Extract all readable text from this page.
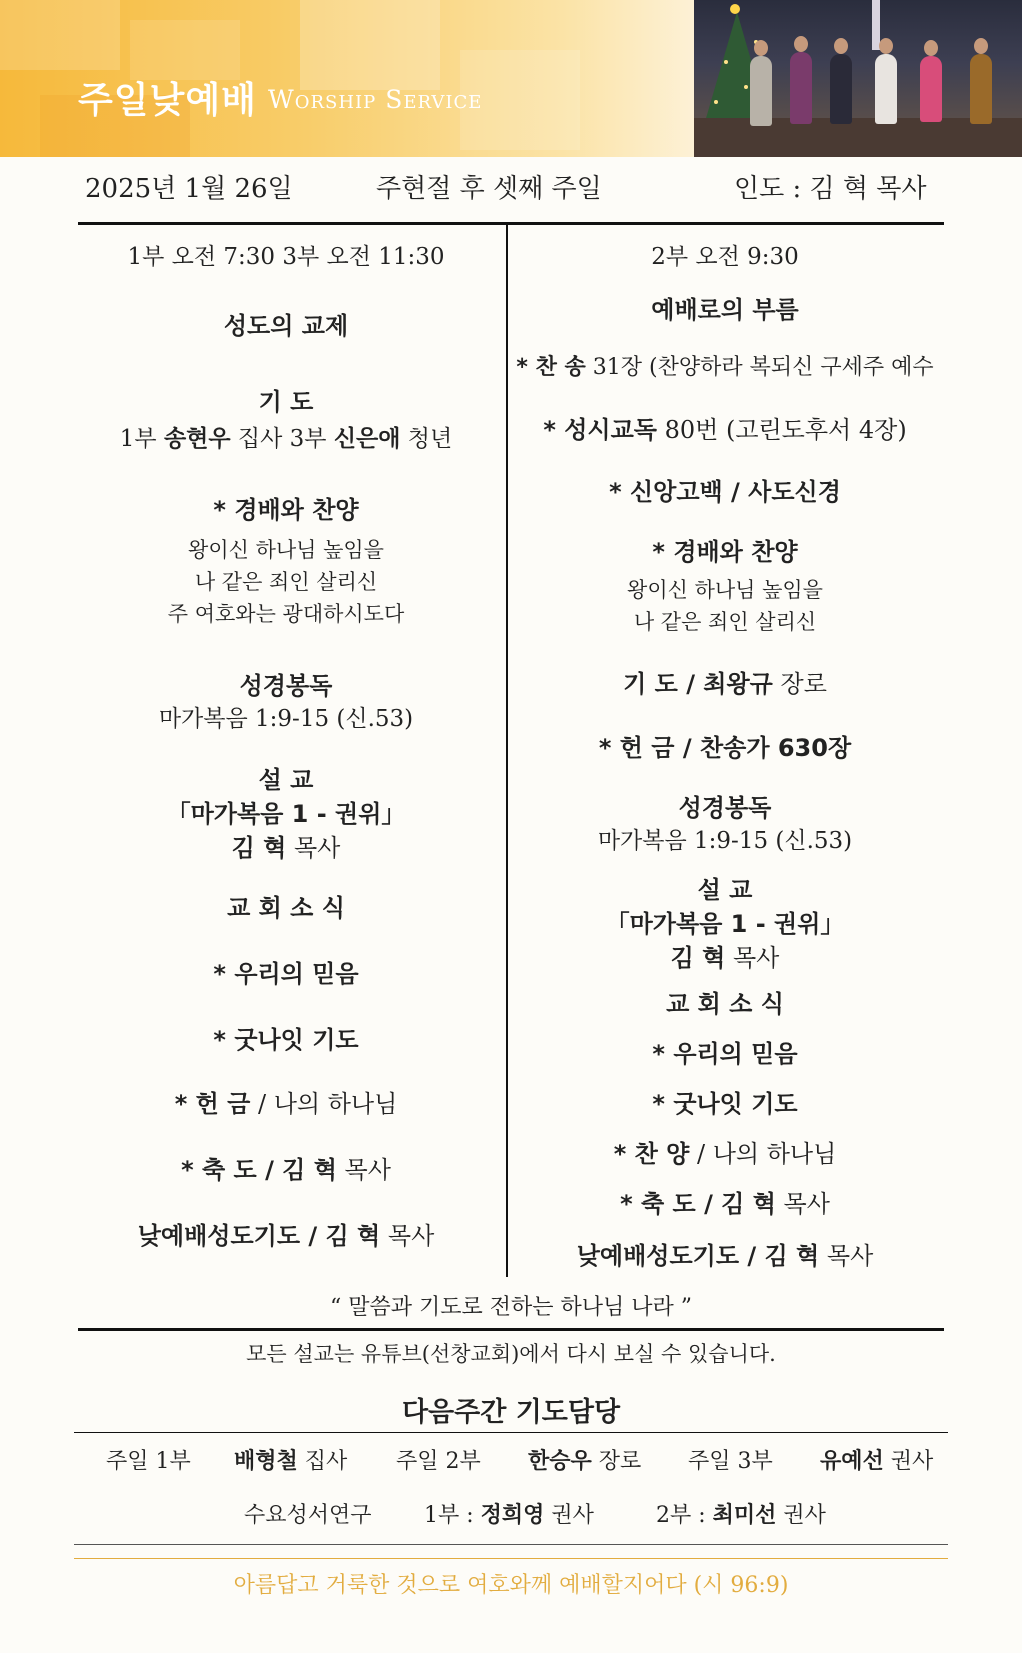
주일낮예배 Worship Service
2025년 1월 26일	주현절 후 셋째 주일	인도 : 김 혁 목사
1부 오전 7:30 3부 오전 11:30
성도의 교제
기 도
1부 송현우 집사 3부 신은애 청년
* 경배와 찬양
왕이신 하나님 높임을
나 같은 죄인 살리신
주 여호와는 광대하시도다
성경봉독
마가복음 1:9-15 (신.53)
설 교
「마가복음 1 - 권위」
김 혁 목사
교 회 소 식
* 우리의 믿음
* 굿나잇 기도
* 헌 금 / 나의 하나님
* 축 도 / 김 혁 목사
낮예배성도기도 / 김 혁 목사
2부 오전 9:30
예배로의 부름
* 찬 송 31장 (찬양하라 복되신 구세주 예수
* 성시교독 80번 (고린도후서 4장)
* 신앙고백 / 사도신경
* 경배와 찬양
왕이신 하나님 높임을
나 같은 죄인 살리신
기 도 / 최왕규 장로
* 헌 금 / 찬송가 630장
성경봉독
마가복음 1:9-15 (신.53)
설 교
「마가복음 1 - 권위」
김 혁 목사
교 회 소 식
* 우리의 믿음
* 굿나잇 기도
* 찬 양 / 나의 하나님
* 축 도 / 김 혁 목사
낮예배성도기도 / 김 혁 목사
“ 말씀과 기도로 전하는 하나님 나라 ”
모든 설교는 유튜브(선창교회)에서 다시 보실 수 있습니다.
다음주간 기도담당
주일 1부 배형철 집사 주일 2부 한승우 장로 주일 3부 유예선 권사
수요성서연구 1부 : 정희영 권사	2부 : 최미선 권사
아름답고 거룩한 것으로 여호와께 예배할지어다 (시 96:9)
